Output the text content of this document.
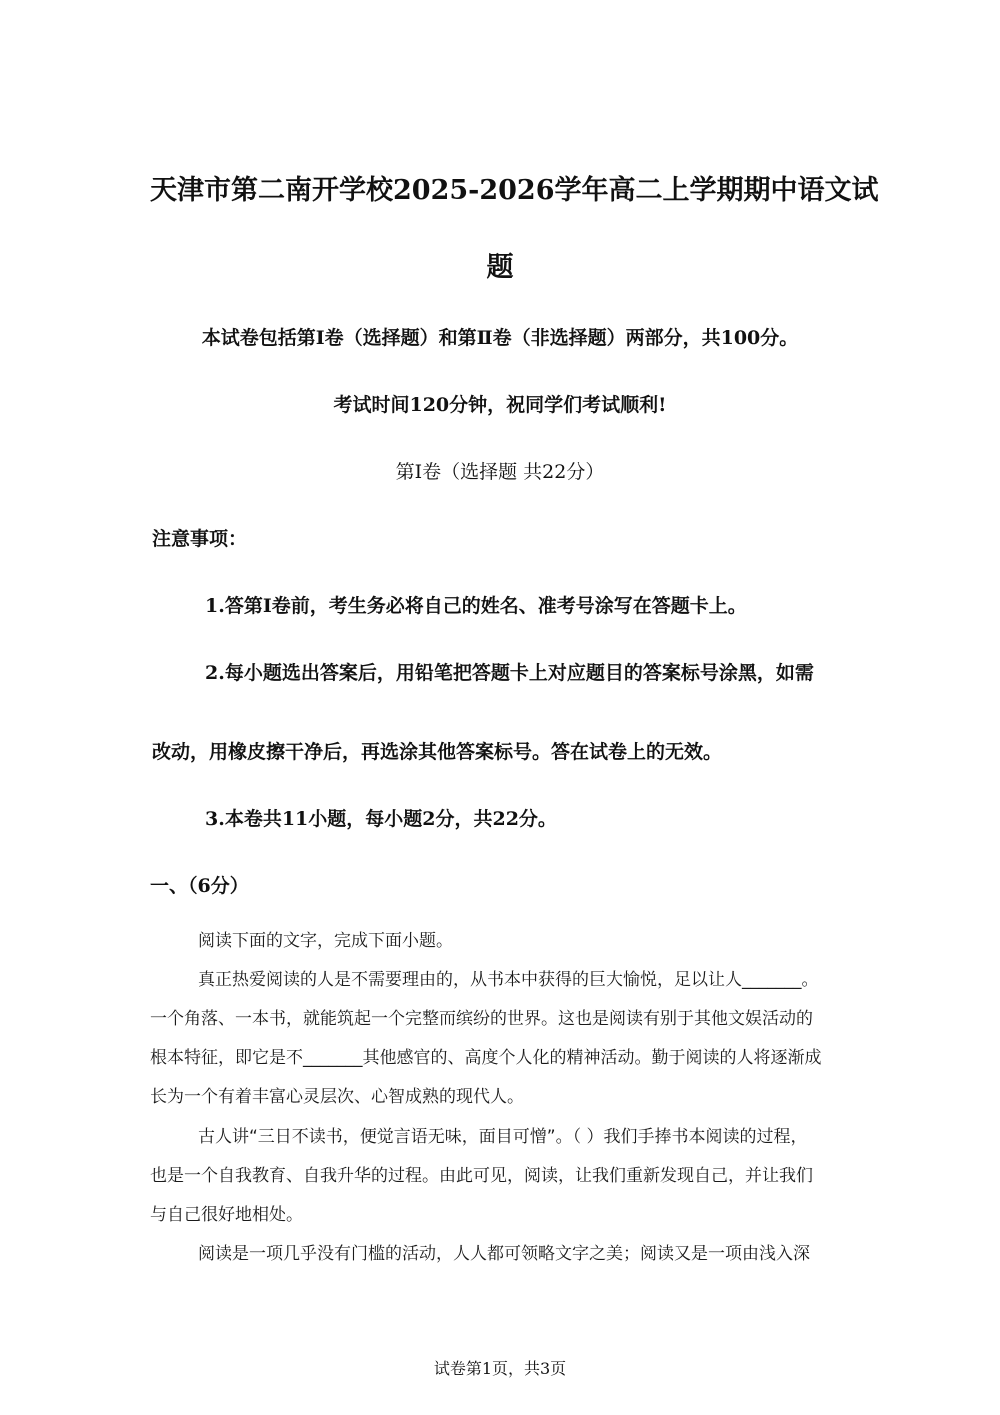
天津市第二南开学校2025-2026学年高二上学期期中语文试
题
本试卷包括第Ⅰ卷（选择题）和第Ⅱ卷（非选择题）两部分，共100分。
考试时间120分钟，祝同学们考试顺利!
第Ⅰ卷（选择题 共22分）
注意事项：
1.答第Ⅰ卷前，考生务必将自己的姓名、准考号涂写在答题卡上。
2.每小题选出答案后，用铅笔把答题卡上对应题目的答案标号涂黑，如需
改动，用橡皮擦干净后，再选涂其他答案标号。答在试卷上的无效。
3.本卷共11小题，每小题2分，共22分。
一、（6分）
阅读下面的文字，完成下面小题。
真正热爱阅读的人是不需要理由的，从书本中获得的巨大愉悦，足以让人_______。
一个角落、一本书，就能筑起一个完整而缤纷的世界。这也是阅读有别于其他文娱活动的
根本特征，即它是不_______其他感官的、高度个人化的精神活动。勤于阅读的人将逐渐成
长为一个有着丰富心灵层次、心智成熟的现代人。
古人讲“三日不读书，便觉言语无味，面目可憎”。（ ）我们手捧书本阅读的过程，
也是一个自我教育、自我升华的过程。由此可见，阅读，让我们重新发现自己，并让我们
与自己很好地相处。
阅读是一项几乎没有门槛的活动，人人都可领略文字之美；阅读又是一项由浅入深
试卷第1页，共3页
